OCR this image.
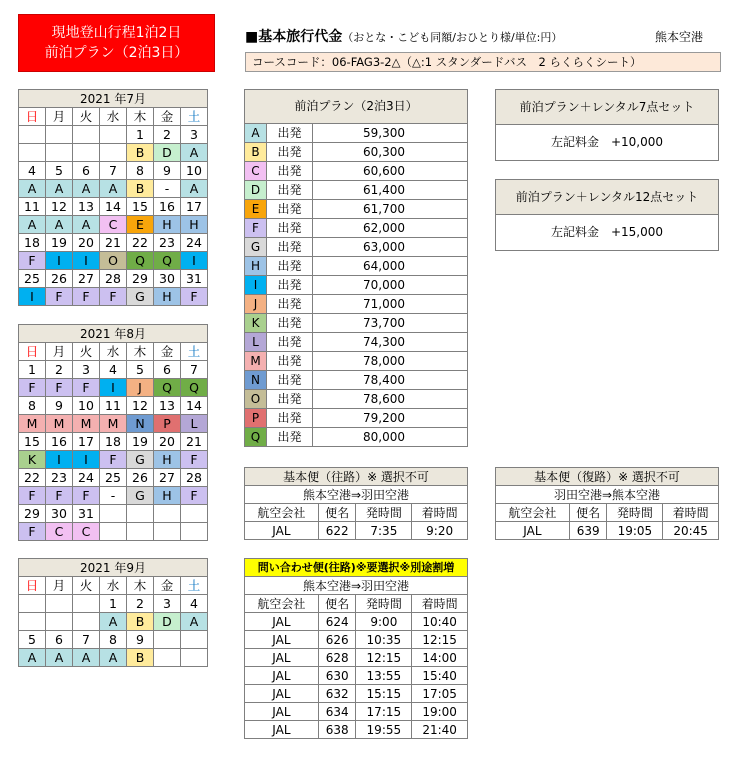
現地登山行程1泊2日
前泊プラン（2泊3日）
■基本旅行代金（おとな・こども同額/おひとり様/単位:円）	熊本空港
コースコード：06-FAG3-2△（△:1 スタンダードバス　2 らくらくシート）
2021 年7月						
日	月	火	水	木	金	土
				1	2	3
				B	D	A
4	5	6	7	8	9	10
A	A	A	A	B	-	A
11	12	13	14	15	16	17
A	A	A	C	E	H	H
18	19	20	21	22	23	24
F	I	I	O	Q	Q	I
25	26	27	28	29	30	31
I	F	F	F	G	H	F
2021 年8月						
日	月	火	水	木	金	土
1	2	3	4	5	6	7
F	F	F	I	J	Q	Q
8	9	10	11	12	13	14
M	M	M	M	N	P	L
15	16	17	18	19	20	21
K	I	I	F	G	H	F
22	23	24	25	26	27	28
F	F	F	-	G	H	F
29	30	31				
F	C	C				
2021 年9月						
日	月	火	水	木	金	土
			1	2	3	4
			A	B	D	A
5	6	7	8	9		
A	A	A	A	B		
前泊プラン（2泊3日）		
A	出発	59,300
B	出発	60,300
C	出発	60,600
D	出発	61,400
E	出発	61,700
F	出発	62,000
G	出発	63,000
H	出発	64,000
I	出発	70,000
J	出発	71,000
K	出発	73,700
L	出発	74,300
M	出発	78,000
N	出発	78,400
O	出発	78,600
P	出発	79,200
Q	出発	80,000
前泊プラン＋レンタル7点セット
左記料金　+10,000
前泊プラン＋レンタル12点セット
左記料金　+15,000
基本便（往路）※ 選択不可			
熊本空港⇒羽田空港			
航空会社	便名	発時間	着時間
JAL	622	7:35	9:20
基本便（復路）※ 選択不可			
羽田空港⇒熊本空港			
航空会社	便名	発時間	着時間
JAL	639	19:05	20:45
問い合わせ便(往路)※要選択※別途割増			
熊本空港⇒羽田空港			
航空会社	便名	発時間	着時間
JAL	624	9:00	10:40
JAL	626	10:35	12:15
JAL	628	12:15	14:00
JAL	630	13:55	15:40
JAL	632	15:15	17:05
JAL	634	17:15	19:00
JAL	638	19:55	21:40
